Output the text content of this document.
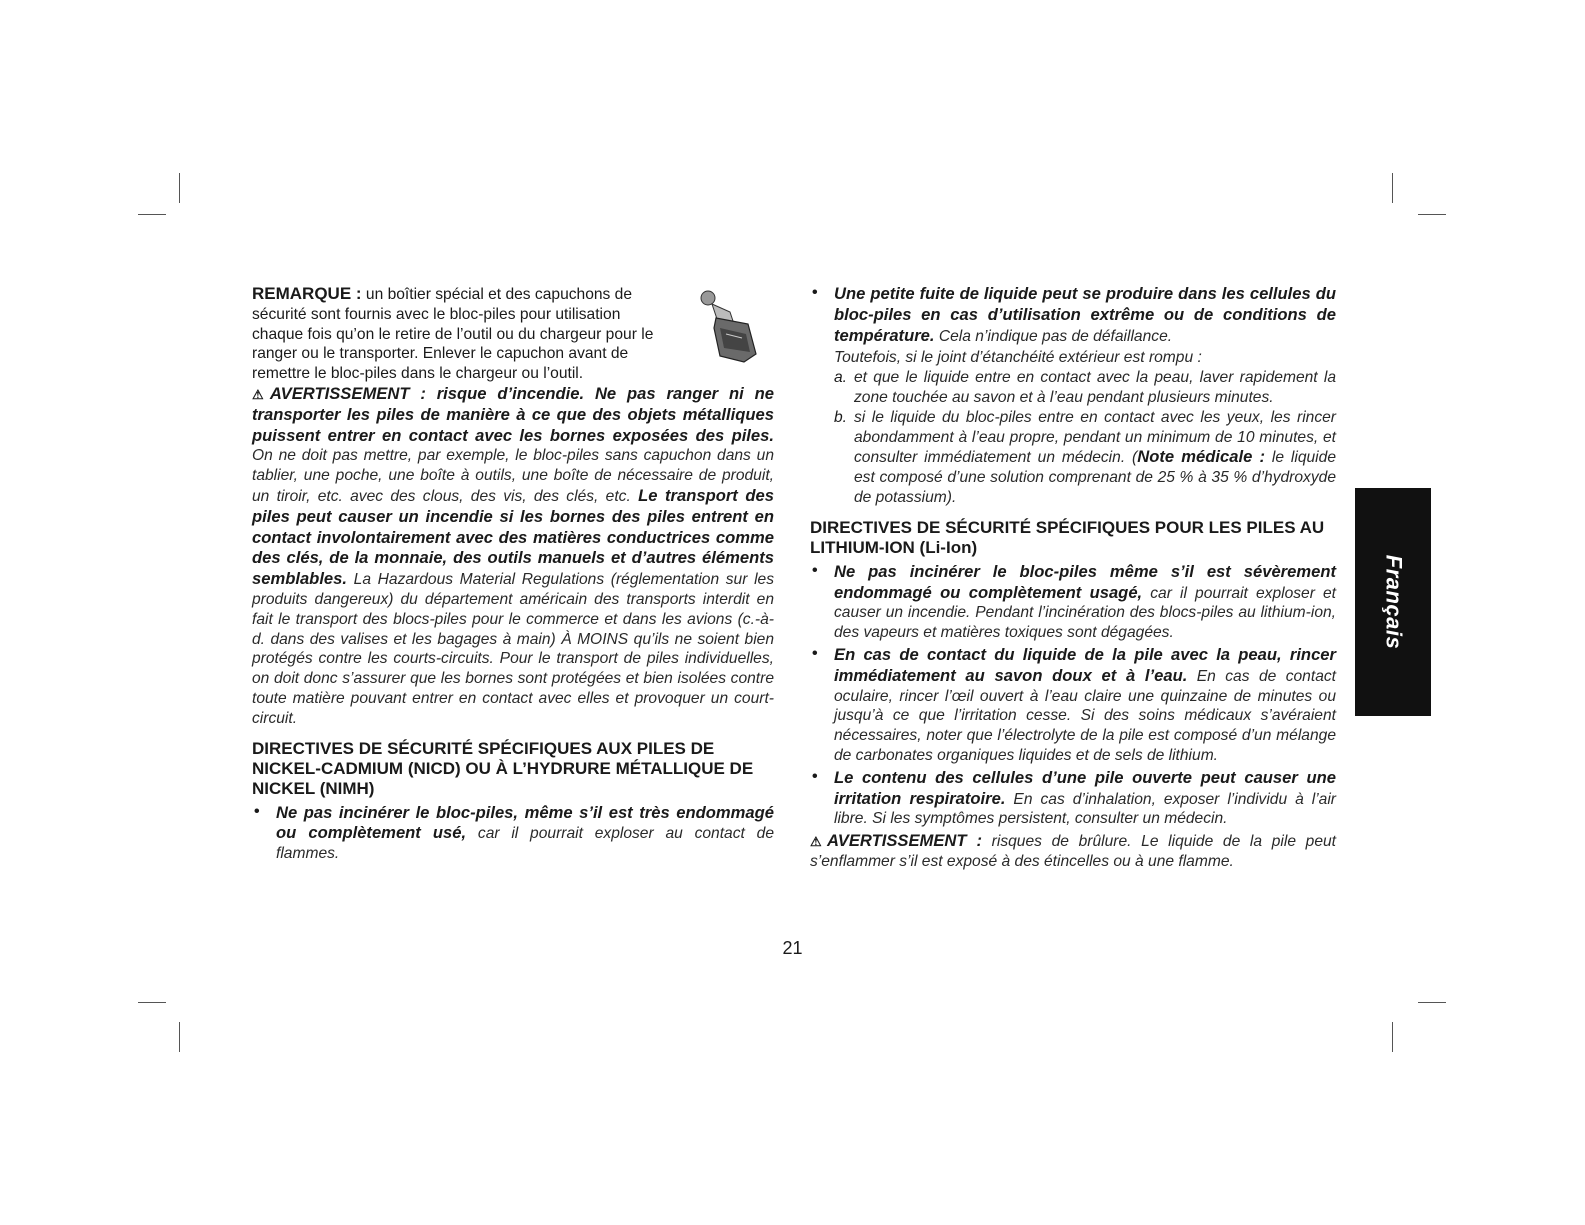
REMARQUE : un boîtier spécial et des capuchons de sécurité sont fournis avec le bloc-piles pour utilisation chaque fois qu’on le retire de l’outil ou du chargeur pour le ranger ou le transporter. Enlever le capuchon avant de remettre le bloc-piles dans le chargeur ou l’outil.
⚠AVERTISSEMENT : risque d’incendie. Ne pas ranger ni ne transporter les piles de manière à ce que des objets métalliques puissent entrer en contact avec les bornes exposées des piles. On ne doit pas mettre, par exemple, le bloc-piles sans capuchon dans un tablier, une poche, une boîte à outils, une boîte de nécessaire de produit, un tiroir, etc. avec des clous, des vis, des clés, etc. Le transport des piles peut causer un incendie si les bornes des piles entrent en contact involontairement avec des matières conductrices comme des clés, de la monnaie, des outils manuels et d’autres éléments semblables. La Hazardous Material Regulations (réglementation sur les produits dangereux) du département américain des transports interdit en fait le transport des blocs-piles pour le commerce et dans les avions (c.-à-d. dans des valises et les bagages à main) À MOINS qu’ils ne soient bien protégés contre les courts-circuits. Pour le transport de piles individuelles, on doit donc s’assurer que les bornes sont protégées et bien isolées contre toute matière pouvant entrer en contact avec elles et provoquer un court-circuit.
DIRECTIVES DE SÉCURITÉ SPÉCIFIQUES AUX PILES DE NICKEL-CADMIUM (NICD) OU À L’HYDRURE MÉTALLIQUE DE NICKEL (NIMH)
• Ne pas incinérer le bloc-piles, même s’il est très endommagé ou complètement usé, car il pourrait exploser au contact de flammes.
• Une petite fuite de liquide peut se produire dans les cellules du bloc-piles en cas d’utilisation extrême ou de conditions de température. Cela n’indique pas de défaillance.
Toutefois, si le joint d’étanchéité extérieur est rompu :
a. et que le liquide entre en contact avec la peau, laver rapidement la zone touchée au savon et à l’eau pendant plusieurs minutes.
b. si le liquide du bloc-piles entre en contact avec les yeux, les rincer abondamment à l’eau propre, pendant un minimum de 10 minutes, et consulter immédiatement un médecin. (Note médicale : le liquide est composé d’une solution comprenant de 25 % à 35 % d’hydroxyde de potassium).
DIRECTIVES DE SÉCURITÉ SPÉCIFIQUES POUR LES PILES AU LITHIUM-ION (Li-Ion)
• Ne pas incinérer le bloc-piles même s’il est sévèrement endommagé ou complètement usagé, car il pourrait exploser et causer un incendie. Pendant l’incinération des blocs-piles au lithium-ion, des vapeurs et matières toxiques sont dégagées.
• En cas de contact du liquide de la pile avec la peau, rincer immédiatement au savon doux et à l’eau. En cas de contact oculaire, rincer l’œil ouvert à l’eau claire une quinzaine de minutes ou jusqu’à ce que l’irritation cesse. Si des soins médicaux s’avéraient nécessaires, noter que l’électrolyte de la pile est composé d’un mélange de carbonates organiques liquides et de sels de lithium.
• Le contenu des cellules d’une pile ouverte peut causer une irritation respiratoire. En cas d’inhalation, exposer l’individu à l’air libre. Si les symptômes persistent, consulter un médecin.
⚠AVERTISSEMENT : risques de brûlure. Le liquide de la pile peut s’enflammer s’il est exposé à des étincelles ou à une flamme.
21
Français
